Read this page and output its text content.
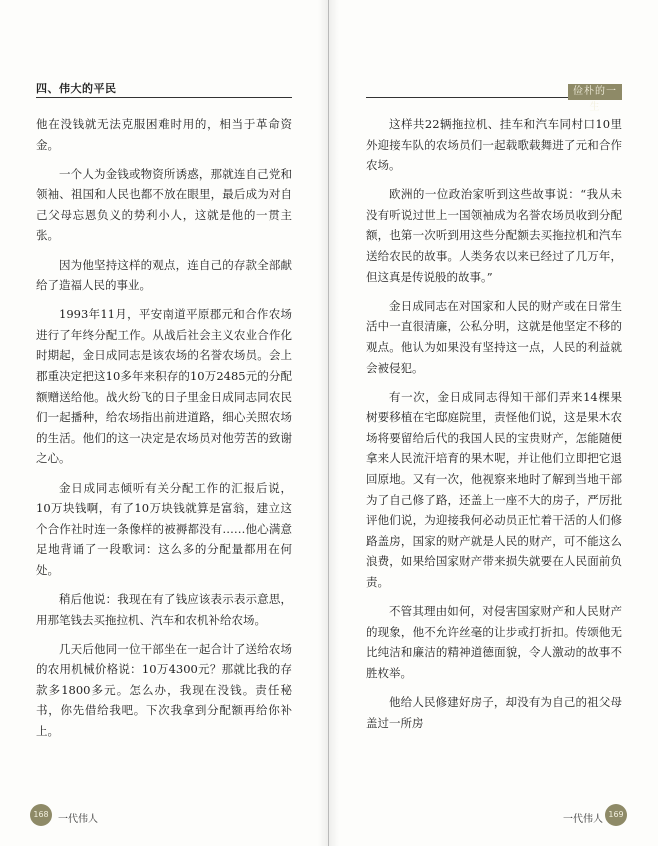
四、伟大的平民

他在没钱就无法克服困难时用的，相当于革命资金。

一个人为金钱或物资所诱惑，那就连自己党和领袖、祖国和人民也都不放在眼里，最后成为对自己父母忘恩负义的势利小人，这就是他的一贯主张。

因为他坚持这样的观点，连自己的存款全部献给了造福人民的事业。

1993年11月，平安南道平原郡元和合作农场进行了年终分配工作。从战后社会主义农业合作化时期起，金日成同志是该农场的名誉农场员。会上郡重决定把这10多年来积存的10万2485元的分配额赠送给他。战火纷飞的日子里金日成同志同农民们一起播种，给农场指出前进道路，细心关照农场的生活。他们的这一决定是农场员对他劳苦的致谢之心。

金日成同志倾听有关分配工作的汇报后说，10万块钱啊，有了10万块钱就算是富翁，建立这个合作社时连一条像样的被褥都没有……他心满意足地背诵了一段歌词：这么多的分配量都用在何处。

稍后他说：我现在有了钱应该表示表示意思，用那笔钱去买拖拉机、汽车和农机补给农场。

几天后他同一位干部坐在一起合计了送给农场的农用机械价格说：10万4300元？那就比我的存款多1800多元。怎么办，我现在没钱。责任秘书，你先借给我吧。下次我拿到分配额再给你补上。

168 一代伟人
俭朴的一生

这样共22辆拖拉机、挂车和汽车同村口10里外迎接车队的农场员们一起载歌载舞进了元和合作农场。

欧洲的一位政治家听到这些故事说：“我从未没有听说过世上一国领袖成为名誉农场员收到分配额，也第一次听到用这些分配额去买拖拉机和汽车送给农民的故事。人类务农以来已经过了几万年，但这真是传说般的故事。”

金日成同志在对国家和人民的财产或在日常生活中一直很清廉，公私分明，这就是他坚定不移的观点。他认为如果没有坚持这一点，人民的利益就会被侵犯。

有一次，金日成同志得知干部们弄来14棵果树要移植在宅邸庭院里，责怪他们说，这是果木农场将要留给后代的我国人民的宝贵财产，怎能随便拿来人民流汗培育的果木呢，并让他们立即把它退回原地。又有一次，他视察来地时了解到当地干部为了自己修了路，还盖上一座不大的房子，严厉批评他们说，为迎接我何必动员正忙着干活的人们修路盖房，国家的财产就是人民的财产，可不能这么浪费，如果给国家财产带来损失就要在人民面前负责。

不管其理由如何，对侵害国家财产和人民财产的现象，他不允许丝毫的让步或打折扣。传颂他无比纯洁和廉洁的精神道德面貌，令人激动的故事不胜枚举。

他给人民修建好房子，却没有为自己的祖父母盖过一所房

一代伟人 169
